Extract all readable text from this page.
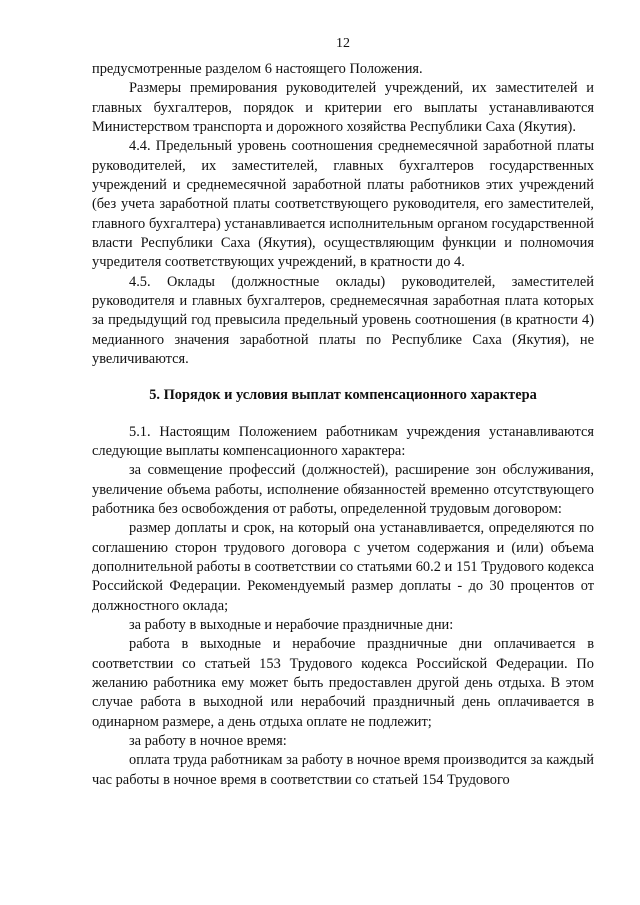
12

предусмотренные разделом 6 настоящего Положения.

Размеры премирования руководителей учреждений, их заместителей и главных бухгалтеров, порядок и критерии его выплаты устанавливаются Министерством транспорта и дорожного хозяйства Республики Саха (Якутия).

4.4. Предельный уровень соотношения среднемесячной заработной платы руководителей, их заместителей, главных бухгалтеров государственных учреждений и среднемесячной заработной платы работников этих учреждений (без учета заработной платы соответствующего руководителя, его заместителей, главного бухгалтера) устанавливается исполнительным органом государственной власти Республики Саха (Якутия), осуществляющим функции и полномочия учредителя соответствующих учреждений, в кратности до 4.

4.5. Оклады (должностные оклады) руководителей, заместителей руководителя и главных бухгалтеров, среднемесячная заработная плата которых за предыдущий год превысила предельный уровень соотношения (в кратности 4) медианного значения заработной платы по Республике Саха (Якутия), не увеличиваются.

5. Порядок и условия выплат компенсационного характера

5.1. Настоящим Положением работникам учреждения устанавливаются следующие выплаты компенсационного характера:

за совмещение профессий (должностей), расширение зон обслуживания, увеличение объема работы, исполнение обязанностей временно отсутствующего работника без освобождения от работы, определенной трудовым договором:

размер доплаты и срок, на который она устанавливается, определяются по соглашению сторон трудового договора с учетом содержания и (или) объема дополнительной работы в соответствии со статьями 60.2 и 151 Трудового кодекса Российской Федерации. Рекомендуемый размер доплаты - до 30 процентов от должностного оклада;

за работу в выходные и нерабочие праздничные дни:

работа в выходные и нерабочие праздничные дни оплачивается в соответствии со статьей 153 Трудового кодекса Российской Федерации. По желанию работника ему может быть предоставлен другой день отдыха. В этом случае работа в выходной или нерабочий праздничный день оплачивается в одинарном размере, а день отдыха оплате не подлежит;

за работу в ночное время:

оплата труда работникам за работу в ночное время производится за каждый час работы в ночное время в соответствии со статьей 154 Трудового
